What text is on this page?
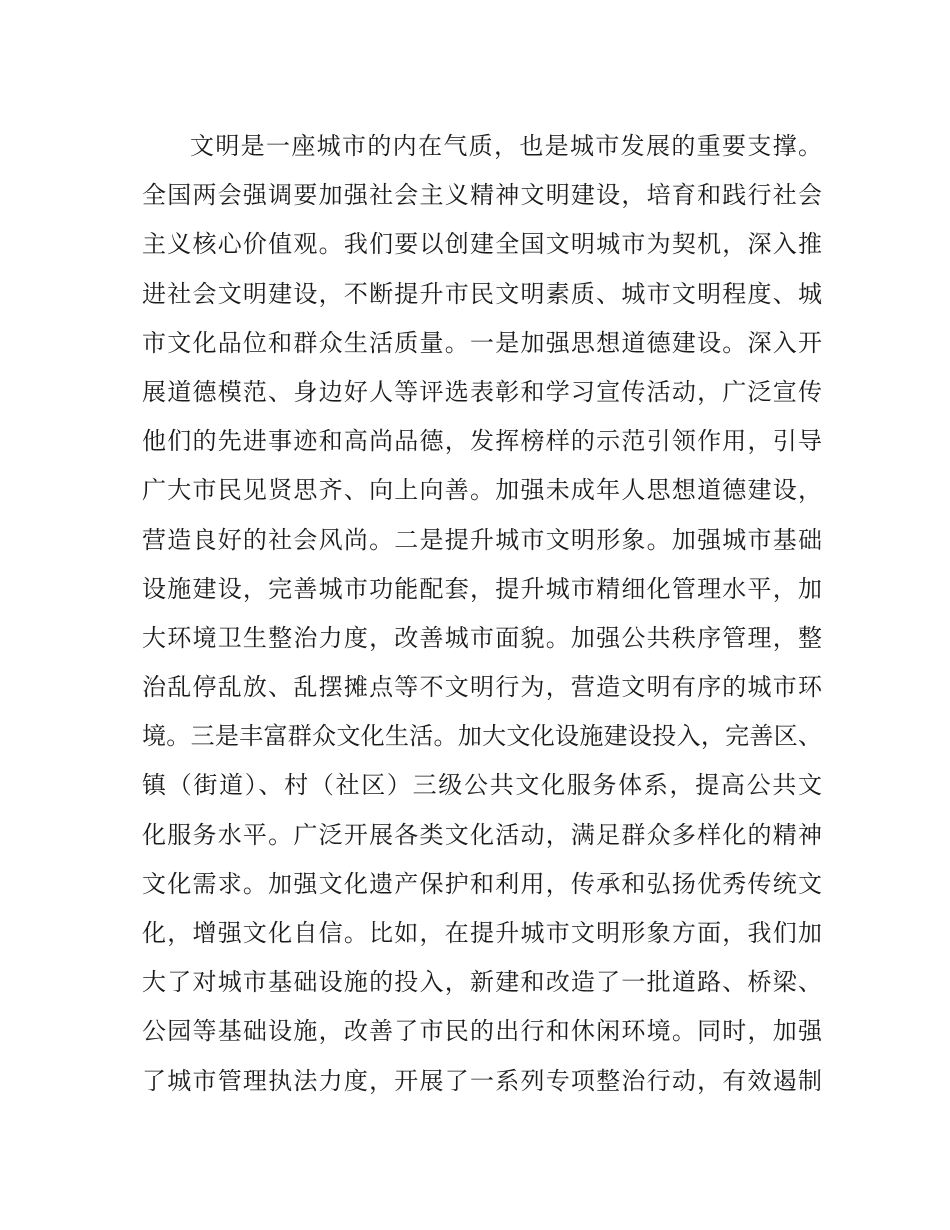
文明是一座城市的内在气质，也是城市发展的重要支撑。
全国两会强调要加强社会主义精神文明建设，培育和践行社会
主义核心价值观。我们要以创建全国文明城市为契机，深入推
进社会文明建设，不断提升市民文明素质、城市文明程度、城
市文化品位和群众生活质量。一是加强思想道德建设。深入开
展道德模范、身边好人等评选表彰和学习宣传活动，广泛宣传
他们的先进事迹和高尚品德，发挥榜样的示范引领作用，引导
广大市民见贤思齐、向上向善。加强未成年人思想道德建设，
营造良好的社会风尚。二是提升城市文明形象。加强城市基础
设施建设，完善城市功能配套，提升城市精细化管理水平，加
大环境卫生整治力度，改善城市面貌。加强公共秩序管理，整
治乱停乱放、乱摆摊点等不文明行为，营造文明有序的城市环
境。三是丰富群众文化生活。加大文化设施建设投入，完善区、
镇（街道）、村（社区）三级公共文化服务体系，提高公共文
化服务水平。广泛开展各类文化活动，满足群众多样化的精神
文化需求。加强文化遗产保护和利用，传承和弘扬优秀传统文
化，增强文化自信。比如，在提升城市文明形象方面，我们加
大了对城市基础设施的投入，新建和改造了一批道路、桥梁、
公园等基础设施，改善了市民的出行和休闲环境。同时，加强
了城市管理执法力度，开展了一系列专项整治行动，有效遏制
